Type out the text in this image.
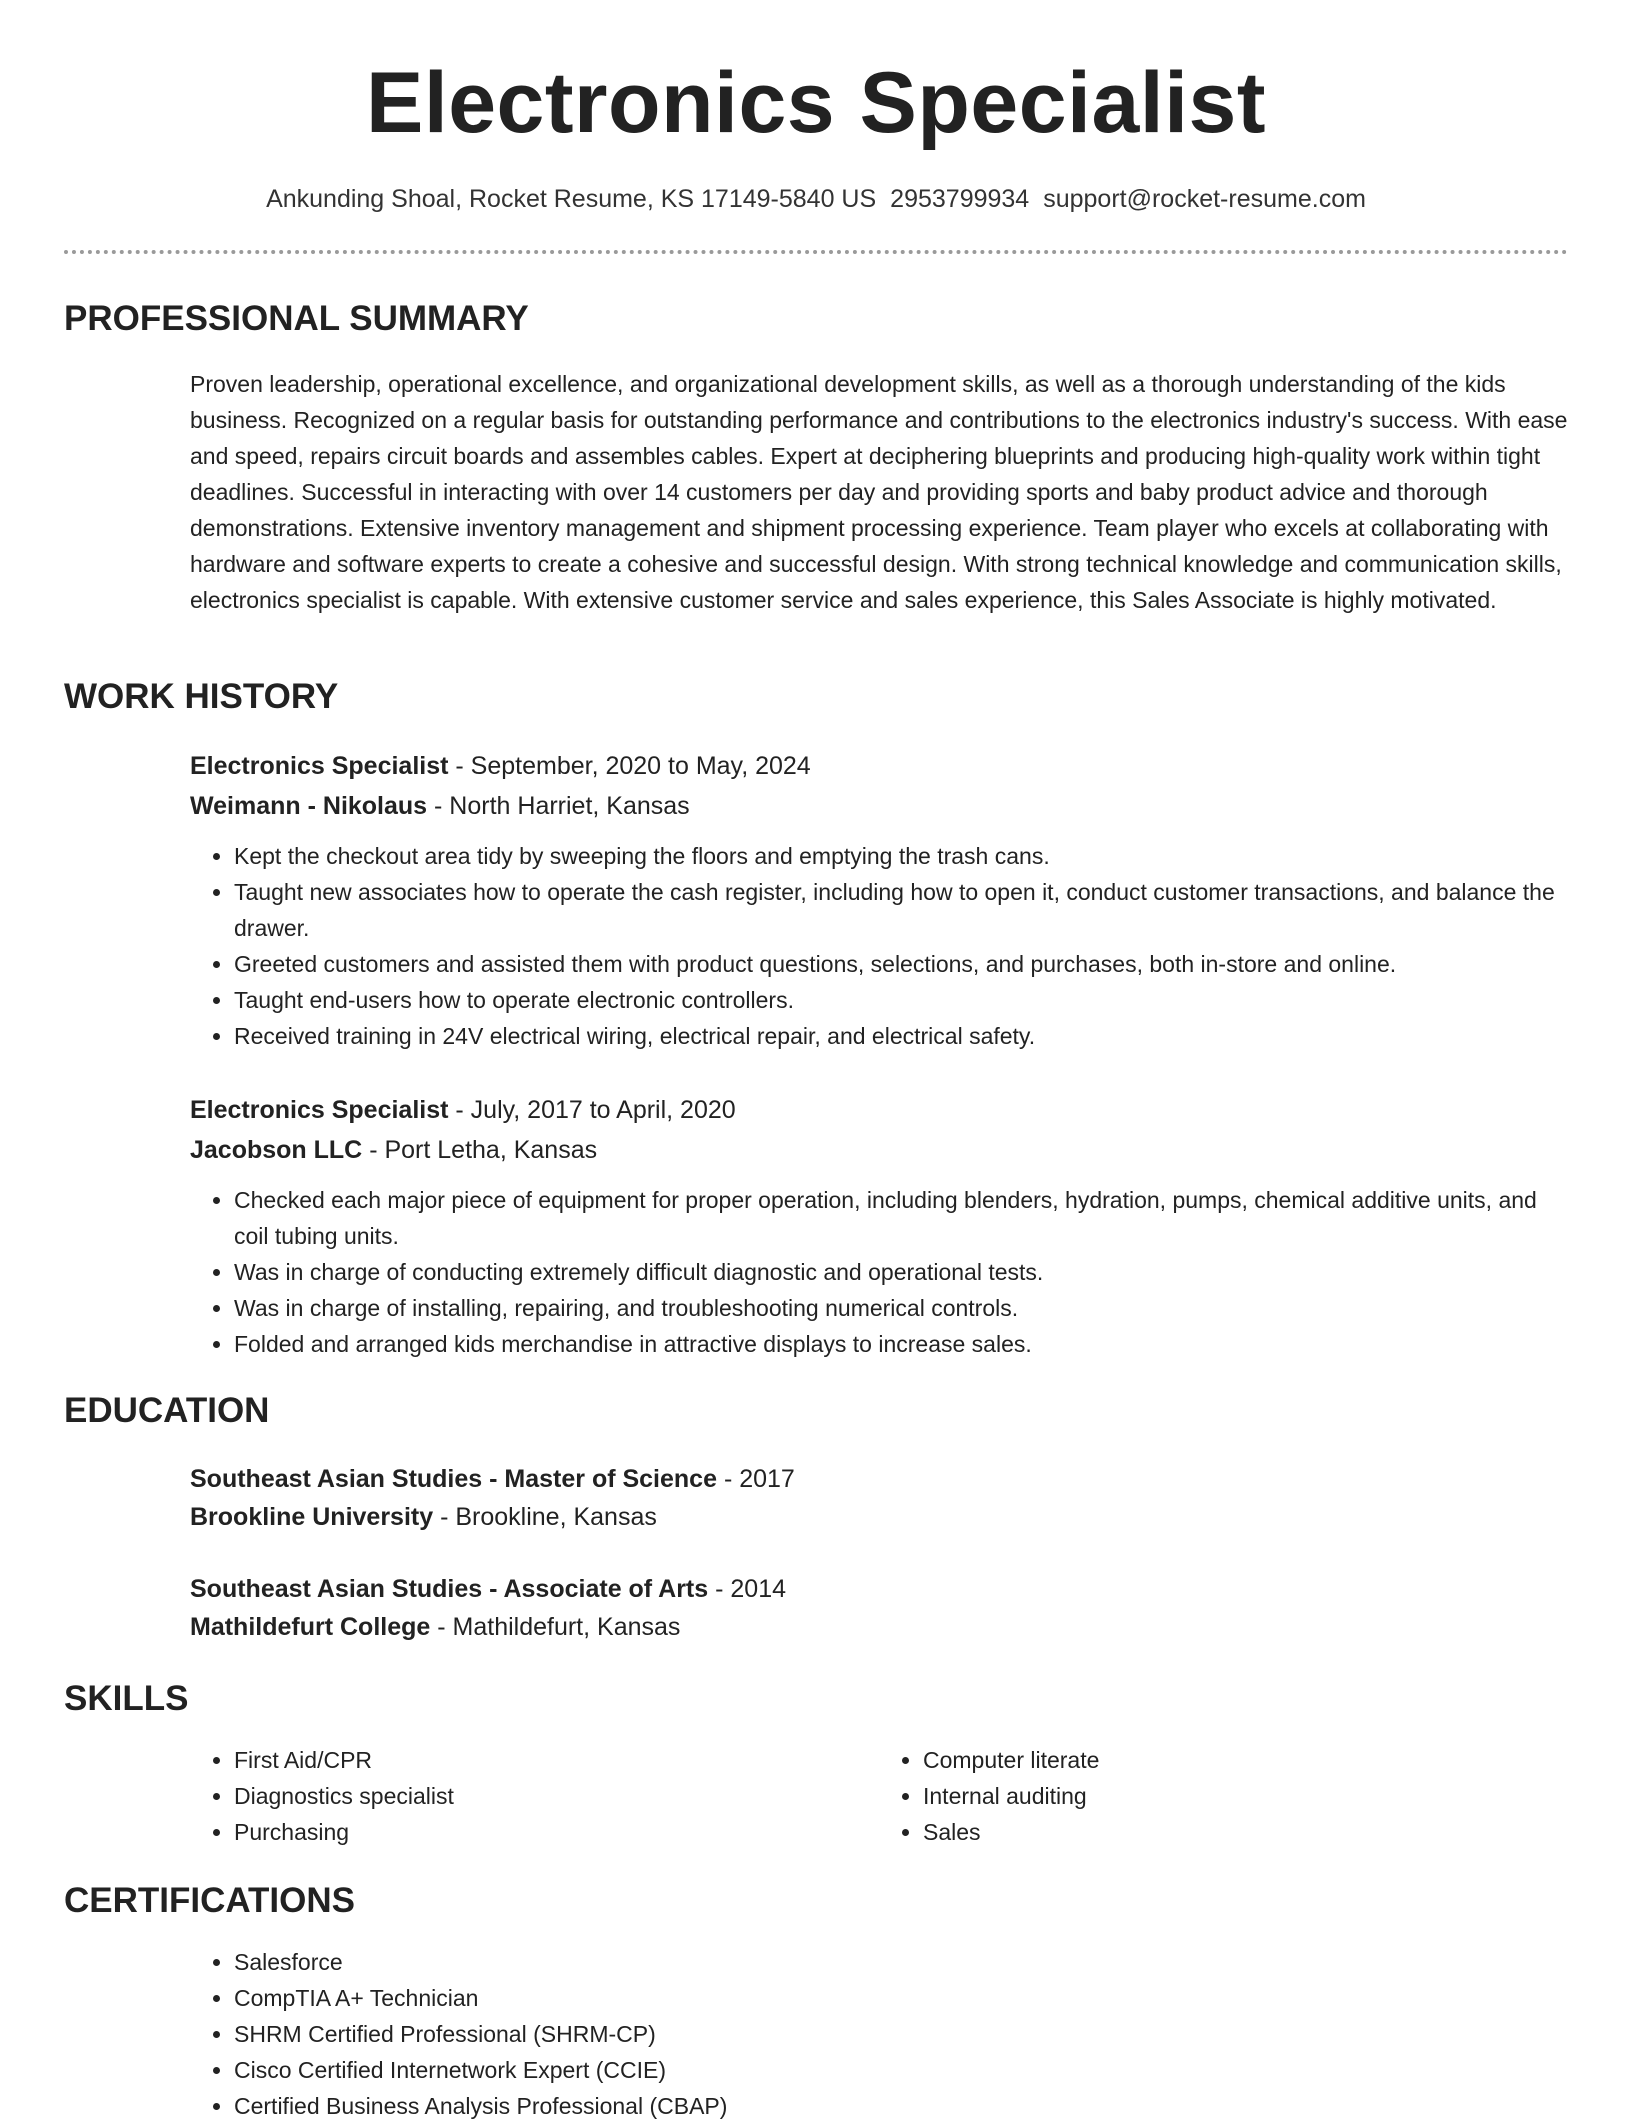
Electronics Specialist
Ankunding Shoal, Rocket Resume, KS 17149-5840 US 2953799934 support@rocket-resume.com
PROFESSIONAL SUMMARY

Proven leadership, operational excellence, and organizational development skills, as well as a thorough understanding of the kids business. Recognized on a regular basis for outstanding performance and contributions to the electronics industry's success. With ease and speed, repairs circuit boards and assembles cables. Expert at deciphering blueprints and producing high-quality work within tight deadlines. Successful in interacting with over 14 customers per day and providing sports and baby product advice and thorough demonstrations. Extensive inventory management and shipment processing experience. Team player who excels at collaborating with hardware and software experts to create a cohesive and successful design. With strong technical knowledge and communication skills, electronics specialist is capable. With extensive customer service and sales experience, this Sales Associate is highly motivated.

WORK HISTORY
Electronics Specialist - September, 2020 to May, 2024
Weimann - Nikolaus - North Harriet, Kansas
• Kept the checkout area tidy by sweeping the floors and emptying the trash cans.
• Taught new associates how to operate the cash register, including how to open it, conduct customer transactions, and balance the drawer.
• Greeted customers and assisted them with product questions, selections, and purchases, both in-store and online.
• Taught end-users how to operate electronic controllers.
• Received training in 24V electrical wiring, electrical repair, and electrical safety.
Electronics Specialist - July, 2017 to April, 2020
Jacobson LLC - Port Letha, Kansas
• Checked each major piece of equipment for proper operation, including blenders, hydration, pumps, chemical additive units, and coil tubing units.
• Was in charge of conducting extremely difficult diagnostic and operational tests.
• Was in charge of installing, repairing, and troubleshooting numerical controls.
• Folded and arranged kids merchandise in attractive displays to increase sales.
EDUCATION
Southeast Asian Studies - Master of Science - 2017
Brookline University - Brookline, Kansas
Southeast Asian Studies - Associate of Arts - 2014
Mathildefurt College - Mathildefurt, Kansas
SKILLS
• First Aid/CPR
• Diagnostics specialist
• Purchasing
• Computer literate
• Internal auditing
• Sales
CERTIFICATIONS
• Salesforce
• CompTIA A+ Technician
• SHRM Certified Professional (SHRM-CP)
• Cisco Certified Internetwork Expert (CCIE)
• Certified Business Analysis Professional (CBAP)
